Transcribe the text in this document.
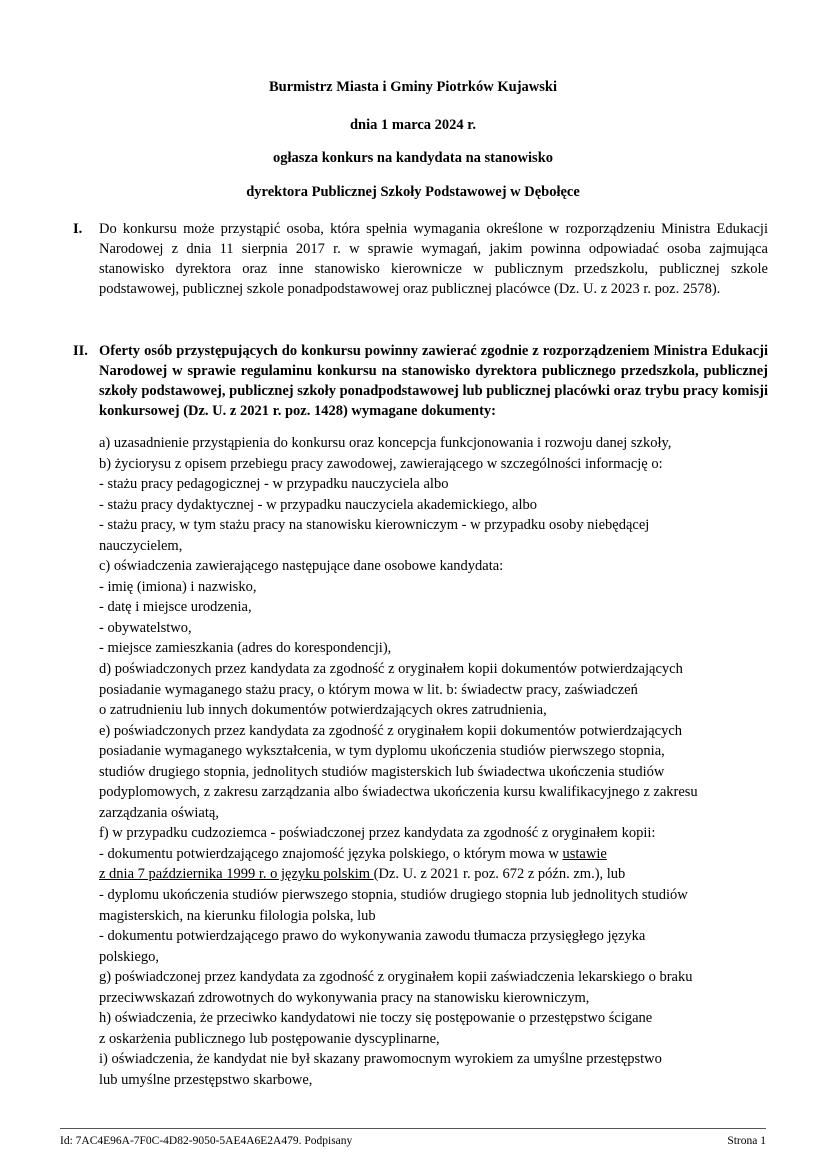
Burmistrz Miasta i Gminy Piotrków Kujawski
dnia 1 marca 2024 r.
ogłasza konkurs na kandydata na stanowisko
dyrektora Publicznej Szkoły Podstawowej w Dębołęce
I. Do konkursu może przystąpić osoba, która spełnia wymagania określone w rozporządzeniu Ministra Edukacji Narodowej z dnia 11 sierpnia 2017 r. w sprawie wymagań, jakim powinna odpowiadać osoba zajmująca stanowisko dyrektora oraz inne stanowisko kierownicze w publicznym przedszkolu, publicznej szkole podstawowej, publicznej szkole ponadpodstawowej oraz publicznej placówce (Dz. U. z 2023 r. poz. 2578).
II. Oferty osób przystępujących do konkursu powinny zawierać zgodnie z rozporządzeniem Ministra Edukacji Narodowej w sprawie regulaminu konkursu na stanowisko dyrektora publicznego przedszkola, publicznej szkoły podstawowej, publicznej szkoły ponadpodstawowej lub publicznej placówki oraz trybu pracy komisji konkursowej (Dz. U. z 2021 r. poz. 1428) wymagane dokumenty:
a) uzasadnienie przystąpienia do konkursu oraz koncepcja funkcjonowania i rozwoju danej szkoły,
b) życiorysu z opisem przebiegu pracy zawodowej, zawierającego w szczególności informację o:
- stażu pracy pedagogicznej - w przypadku nauczyciela albo
- stażu pracy dydaktycznej - w przypadku nauczyciela akademickiego, albo
- stażu pracy, w tym stażu pracy na stanowisku kierowniczym - w przypadku osoby niebędącej
nauczycielem,
c) oświadczenia zawierającego następujące dane osobowe kandydata:
- imię (imiona) i nazwisko,
- datę i miejsce urodzenia,
- obywatelstwo,
- miejsce zamieszkania (adres do korespondencji),
d) poświadczonych przez kandydata za zgodność z oryginałem kopii dokumentów potwierdzających
posiadanie wymaganego stażu pracy, o którym mowa w lit. b: świadectw pracy, zaświadczeń
o zatrudnieniu lub innych dokumentów potwierdzających okres zatrudnienia,
e) poświadczonych przez kandydata za zgodność z oryginałem kopii dokumentów potwierdzających
posiadanie wymaganego wykształcenia, w tym dyplomu ukończenia studiów pierwszego stopnia,
studiów drugiego stopnia, jednolitych studiów magisterskich lub świadectwa ukończenia studiów
podyplomowych, z zakresu zarządzania albo świadectwa ukończenia kursu kwalifikacyjnego z zakresu
zarządzania oświatą,
f) w przypadku cudzoziemca - poświadczonej przez kandydata za zgodność z oryginałem kopii:
- dokumentu potwierdzającego znajomość języka polskiego, o którym mowa w ustawie
z dnia 7 października 1999 r. o języku polskim (Dz. U. z 2021 r. poz. 672 z późn. zm.), lub
- dyplomu ukończenia studiów pierwszego stopnia, studiów drugiego stopnia lub jednolitych studiów
magisterskich, na kierunku filologia polska, lub
- dokumentu potwierdzającego prawo do wykonywania zawodu tłumacza przysięgłego języka
polskiego,
g) poświadczonej przez kandydata za zgodność z oryginałem kopii zaświadczenia lekarskiego o braku
przeciwwskazań zdrowotnych do wykonywania pracy na stanowisku kierowniczym,
h) oświadczenia, że przeciwko kandydatowi nie toczy się postępowanie o przestępstwo ścigane
z oskarżenia publicznego lub postępowanie dyscyplinarne,
i) oświadczenia, że kandydat nie był skazany prawomocnym wyrokiem za umyślne przestępstwo
lub umyślne przestępstwo skarbowe,
Id: 7AC4E96A-7F0C-4D82-9050-5AE4A6E2A479. Podpisany	Strona 1
